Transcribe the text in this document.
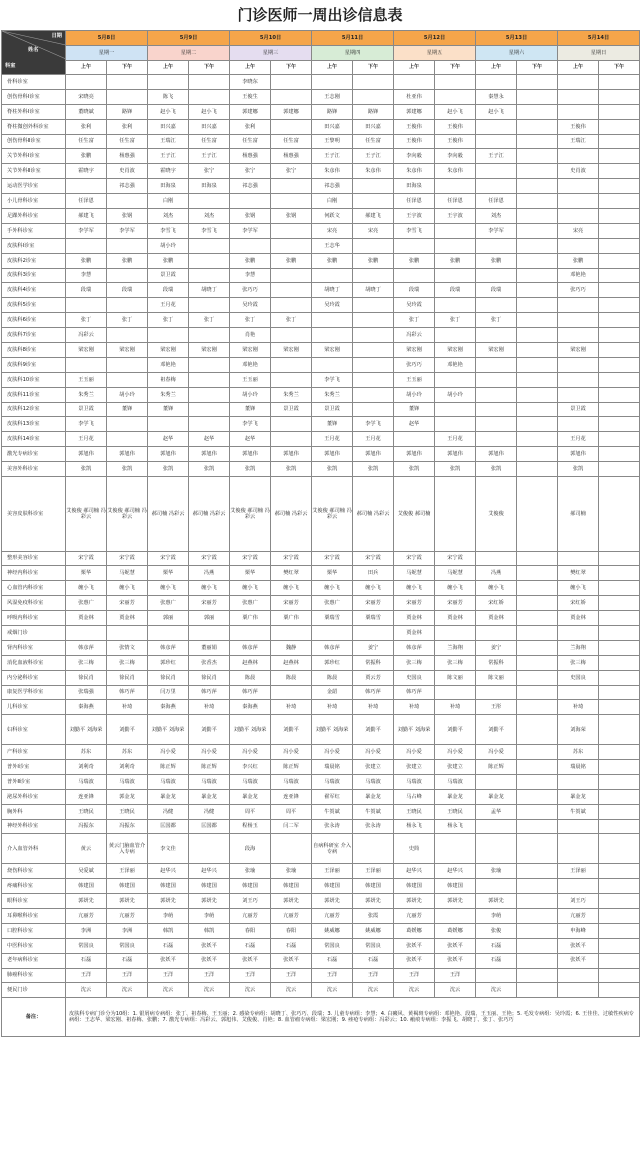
门诊医师一周出诊信息表
日期
姓名
科室	5月8日		5月9日		5月10日		5月11日		5月12日		5月13日		5月14日	
	星期一		星期二		星期三		星期四		星期五		星期六		星期日	
	上午	下午	上午	下午	上午	下午	上午	下午	上午	下午	上午	下午	上午	下午
骨科诊室					李晓东									
创伤骨科Ⅰ诊室	宋晓亮		陈飞		王俊生		王志刚		杜亚伟		秦慧永			
脊柱外科Ⅰ诊室	董晓斌	路锋	赵小飞	赵小飞	郭建娜	郭建娜	路锋	路锋	郭建娜	赵小飞	赵小飞			
脊柱微创外科诊室	张利	张利	田兴嘉	田兴嘉	张利		田兴嘉	田兴嘉	王俊伟	王俊伟			王俊伟	
创伤骨科Ⅱ诊室	任生富	任生富	王瑞江	任生富	任生富	任生富	王黎明	任生富	王俊伟	王俊伟			王瑞江	
关节外科Ⅰ诊室	张鹏	杨惠强	王子江	王子江	杨惠强	杨惠强	王子江	王子江	李向毅	李向毅	王子江			
关节外科Ⅱ诊室	霍晓宇	史肖波	霍晓宇	张宁	张宁	张宁	朱彦伟	朱彦伟	朱彦伟	朱彦伟			史肖波	
运动医学诊室		祁志强	田海泉	田海泉	祁志强		祁志强		田海泉					
小儿骨科诊室	任泽恩		白刚				白刚		任泽恩	任泽恩	任泽恩			
足踝外科诊室	郝建飞	张钢	刘杰	刘杰	张钢	张钢	何跃文	郝建飞	王宇波	王宇波	刘杰			
手外科诊室	李学军	李学军	李雪飞	李雪飞	李学军		宋亮	宋亮	李雪飞		李学军		宋亮	
皮肤科Ⅰ诊室			胡小玲				王志华							
皮肤科2诊室	张鹏	张鹏	张鹏		张鹏	张鹏	张鹏	张鹏	张鹏	张鹏	张鹏		张鹏	
皮肤科3诊室	李慧		景卫霞		李慧								邓艳艳	
皮肤科4诊室	段瑞	段瑞	段瑞	胡晓丁	张巧巧		胡晓丁	胡晓丁	段瑞	段瑞	段瑞		张巧巧	
皮肤科5诊室			王月花		吴玲霞		吴玲霞		吴玲霞					
皮肤科6诊室	张丁	张丁	张丁	张丁	张丁	张丁			张丁	张丁	张丁			
皮肤科7诊室	冯彩云				肖艳				冯彩云					
皮肤科8诊室	梁宏刚	梁宏刚	梁宏刚	梁宏刚	梁宏刚	梁宏刚	梁宏刚		梁宏刚	梁宏刚	梁宏刚		梁宏刚	
皮肤科9诊室			邓艳艳		邓艳艳				张巧巧	邓艳艳				
皮肤科10诊室	王玉丽		祖春梅		王玉丽		李学飞		王玉丽					
皮肤科11诊室	朱秀兰	胡小玲	朱秀兰		胡小玲	朱秀兰	朱秀兰		胡小玲	胡小玲				
皮肤科12诊室	景卫霞	董锋	董锋		董锋	景卫霞	景卫霞		董锋				景卫霞	
皮肤科13诊室	李学飞				李学飞		董锋	李学飞	赵华					
皮肤科14诊室	王月花		赵华	赵华	赵华		王月花	王月花		王月花			王月花	
激光专病诊室	郭旭伟	郭旭伟	郭旭伟	郭旭伟	郭旭伟	郭旭伟	郭旭伟	郭旭伟	郭旭伟	郭旭伟	郭旭伟		郭旭伟	
美容外科诊室	张凯	张凯	张凯	张凯	张凯	张凯	张凯	张凯	张凯	张凯	张凯		张凯	
美容皮肤科诊室	艾俊俊 郝司楠 冯彩云	艾俊俊 郝司楠 冯彩云	郝司楠 冯彩云	郝司楠 冯彩云	艾俊俊 郝司楠 冯彩云	郝司楠 冯彩云	艾俊俊 郝司楠 冯彩云	郝司楠 冯彩云	艾俊俊 郝司楠		艾俊俊		郝司楠	
整形美容诊室	宋宁霞	宋宁霞	宋宁霞	宋宁霞	宋宁霞	宋宁霞	宋宁霞	宋宁霞	宋宁霞	宋宁霞				
神经内科诊室	栗华	马妮慧	栗华	冯燕	栗华	樊红翠	栗华	田兵	马妮慧	马妮慧	冯燕		樊红翠	
心血管内科诊室	缠小飞	缠小飞	缠小飞	缠小飞	缠小飞	缠小飞	缠小飞	缠小飞	缠小飞	缠小飞	缠小飞		缠小飞	
风湿免疫科诊室	张惠广	宋丽芳	张惠广	宋丽芳	张惠广	宋丽芳	张惠广	宋丽芳	宋丽芳	宋丽芳	宋红娇		宋红娇	
呼吸内科诊室	贾金林	贾金林	郭丽	郭丽	粟广伟	粟广伟	粟瑞雪	粟瑞雪	贾金林	贾金林	贾金林		贾金林	
戒烟门诊									贾金林					
肾内科诊室	韩彦萍	张情文	韩彦萍	董丽娟	韩彦萍	魏静	韩彦萍	姜宁	韩彦萍	兰海翔	姜宁		兰海翔	
消化血液科诊室	张三梅	张三梅	郭珍红	张香杰	赵燕林	赵燕林	郭珍红	常振科	张三梅	张三梅	常振科		张三梅	
内分泌科诊室	徐民肖	徐民肖	徐民肖	徐民肖	陈晨	陈晨	陈晨	贾云芳	史国良	陈文丽	陈文丽		史国良	
康复医学科诊室	张瑞强	韩巧萍	闫万里	韩巧萍	韩巧萍		金韶	韩巧萍	韩巧萍					
儿科诊室	秦海燕	补琦	秦海燕	补琦	秦海燕	补琦	补琦	补琦	补琦	补琦	王彤		补琦	
妇科诊室	刘勤平 刘海荣	刘勤平	刘勤平 刘海荣	刘勤平	刘勤平 刘海荣	刘勤平	刘勤平 刘海荣	刘勤平	刘勤平 刘海荣	刘勤平	刘勤平		刘海荣	
产科诊室	苏东	苏东	冯小爱	冯小爱	冯小爱	冯小爱	冯小爱	冯小爱	冯小爱	冯小爱	冯小爱		苏东	
普外Ⅰ诊室	刘利奇	刘利奇	陈正辉	陈正辉	李兴红	陈正辉	瑞晨铭	张建立	张建立	张建立	陈正辉		瑞晨铭	
普外Ⅱ诊室	马瑞波	马瑞波	马瑞波	马瑞波	马瑞波	马瑞波	马瑞波	马瑞波	马瑞波	马瑞波				
泌尿外科诊室	连亚锋	郭金龙	暴金龙	暴金龙	暴金龙	连亚锋	翟军红	暴金龙	马占峰	暴金龙	暴金龙		暴金龙	
胸外科	王晓民	王晓民	冯健	冯健	周平	周平	牛贺斌	牛贺斌	王晓民	王晓民	孟华		牛贺斌	
神经外科诊室	冯振东	冯振东	匡国都	匡国都	程杨玉	闫二军	张永涛	张永涛	杨永飞	杨永飞				
介入血管外科	黄云	黄云门脑血管介入专病	李文佳		段海		自病科研室 介入专病		史简					
烧伤科诊室	吴爱斌	王泽丽	赵华兴	赵华兴	张瑜	张瑜	王泽丽	王泽丽	赵华兴	赵华兴	张瑜		王泽丽	
疼痛科诊室	韩建国	韩建国	韩建国	韩建国	韩建国	韩建国	韩建国	韩建国	韩建国	韩建国				
眼科诊室	郭妍先	郭妍先	郭妍先	郭妍先	刘王巧	郭妍先	郭妍先	郭妍先	郭妍先	郭妍先	郭妍先		刘王巧	
耳鼻喉科诊室	亢丽芳	亢丽芳	李萌	李萌	亢丽芳	亢丽芳	亢丽芳	张霞	亢丽芳		李萌		亢丽芳	
口腔科诊室	李洲	李洲	韩凯	韩凯	春阳	春阳	姚威娜	姚威娜	葛媛娜	葛媛娜	张俊		申海峰	
中医科诊室	常国良	常国良	石磊	张妖平	石磊	石磊	常国良	常国良	张妖平	张妖平	石磊		张妖平	
老年病科诊室	石磊	石磊	张妖平	张妖平	张妖平	张妖平	石磊	石磊	张妖平	张妖平	石磊		张妖平	
肺癌科诊室	王洋	王洋	王洋	王洋	王洋	王洋	王洋	王洋	王洋	王洋				
便民门诊	沈云	沈云	沈云	沈云	沈云	沈云	沈云	沈云	沈云	沈云	沈云			
备注：	皮肤科专病门诊分为10组：1. 银屑病专病组：张丁、祖春梅、王玉丽；2. 感染专病组：胡晓丁、张巧巧、段瑞；3. 儿童专病组：李慧；4. 白癜风、黄褐斑专病组：邓艳艳、段瑞、王玉丽、王艳；5. 毛发专病组：吴玲霞；6. 王佳佳、过敏性疾病专病组：王志华、梁宏刚、祖春梅、张鹏；7. 激光专病组：冯彩云、郭旭伟、艾俊俊、肖艳；8. 血管瘤专病组：梁宏刚；9. 痤疮专病组：冯彩云；10. 瘢痕专病组：李振飞、胡晓丁、张丁、张巧巧													
